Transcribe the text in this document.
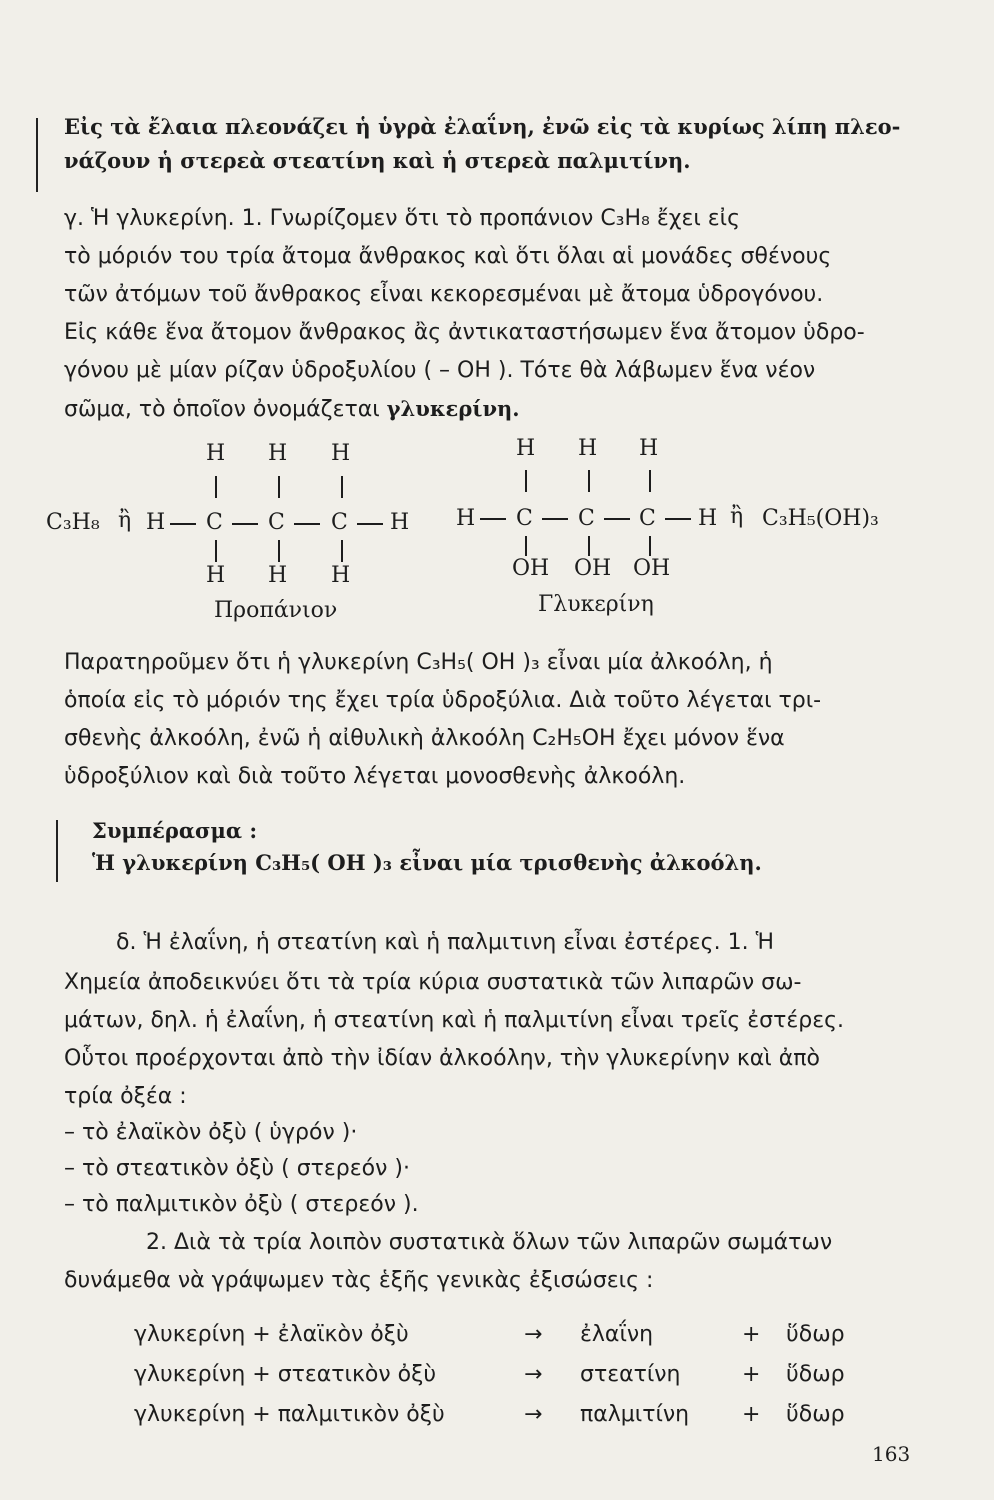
Εἰς τὰ ἔλαια πλεονάζει ἡ ὑγρὰ ἐλαΐνη, ἐνῶ εἰς τὰ κυρίως λίπη πλεο-
νάζουν ἡ στερεὰ στεατίνη καὶ ἡ στερεὰ παλμιτίνη.
γ. Ἡ γλυκερίνη. 1. Γνωρίζομεν ὅτι τὸ προπάνιον C₃H₈ ἔχει εἰς
τὸ μόριόν του τρία ἄτομα ἄνθρακος καὶ ὅτι ὅλαι αἱ μονάδες σθένους
τῶν ἀτόμων τοῦ ἄνθρακος εἶναι κεκορεσμέναι μὲ ἄτομα ὑδρογόνου.
Εἰς κάθε ἕνα ἄτομον ἄνθρακος ἂς ἀντικαταστήσωμεν ἕνα ἄτομον ὑδρο-
γόνου μὲ μίαν ρίζαν ὑδροξυλίου ( – ΟΗ ). Τότε θὰ λάβωμεν ἕνα νέον
σῶμα, τὸ ὁποῖον ὀνομάζεται γλυκερίνη.
H H H
C₃H₈ ἢ H C C C H
H H H
Προπάνιον
H H H
H C C C H ἢ C₃H₅(OH)₃
OH OH OH
Γλυκερίνη
Παρατηροῦμεν ὅτι ἡ γλυκερίνη C₃H₅( OH )₃ εἶναι μία ἀλκοόλη, ἡ
ὁποία εἰς τὸ μόριόν της ἔχει τρία ὑδροξύλια. Διὰ τοῦτο λέγεται τρι-
σθενὴς ἀλκοόλη, ἐνῶ ἡ αἰθυλικὴ ἀλκοόλη C₂H₅OH ἔχει μόνον ἕνα
ὑδροξύλιον καὶ διὰ τοῦτο λέγεται μονοσθενὴς ἀλκοόλη.
Συμπέρασμα :
Ἡ γλυκερίνη C₃H₅( OH )₃ εἶναι μία τρισθενὴς ἀλκοόλη.
δ. Ἡ ἐλαΐνη, ἡ στεατίνη καὶ ἡ παλμιτινη εἶναι ἐστέρες. 1. Ἡ
Χημεία ἀποδεικνύει ὅτι τὰ τρία κύρια συστατικὰ τῶν λιπαρῶν σω-
μάτων, δηλ. ἡ ἐλαΐνη, ἡ στεατίνη καὶ ἡ παλμιτίνη εἶναι τρεῖς ἐστέρες.
Οὗτοι προέρχονται ἀπὸ τὴν ἰδίαν ἀλκοόλην, τὴν γλυκερίνην καὶ ἀπὸ
τρία ὀξέα :
– τὸ ἐλαϊκὸν ὀξὺ ( ὑγρόν )·
– τὸ στεατικὸν ὀξὺ ( στερεόν )·
– τὸ παλμιτικὸν ὀξὺ ( στερεόν ).
2. Διὰ τὰ τρία λοιπὸν συστατικὰ ὅλων τῶν λιπαρῶν σωμάτων
δυνάμεθα νὰ γράψωμεν τὰς ἑξῆς γενικὰς ἐξισώσεις :
γλυκερίνη + ἐλαϊκὸν ὀξὺ	→ ἐλαΐνη	+ ὕδωρ
γλυκερίνη + στεατικὸν ὀξὺ	→ στεατίνη	+ ὕδωρ
γλυκερίνη + παλμιτικὸν ὀξὺ	→ παλμιτίνη + ὕδωρ
163
